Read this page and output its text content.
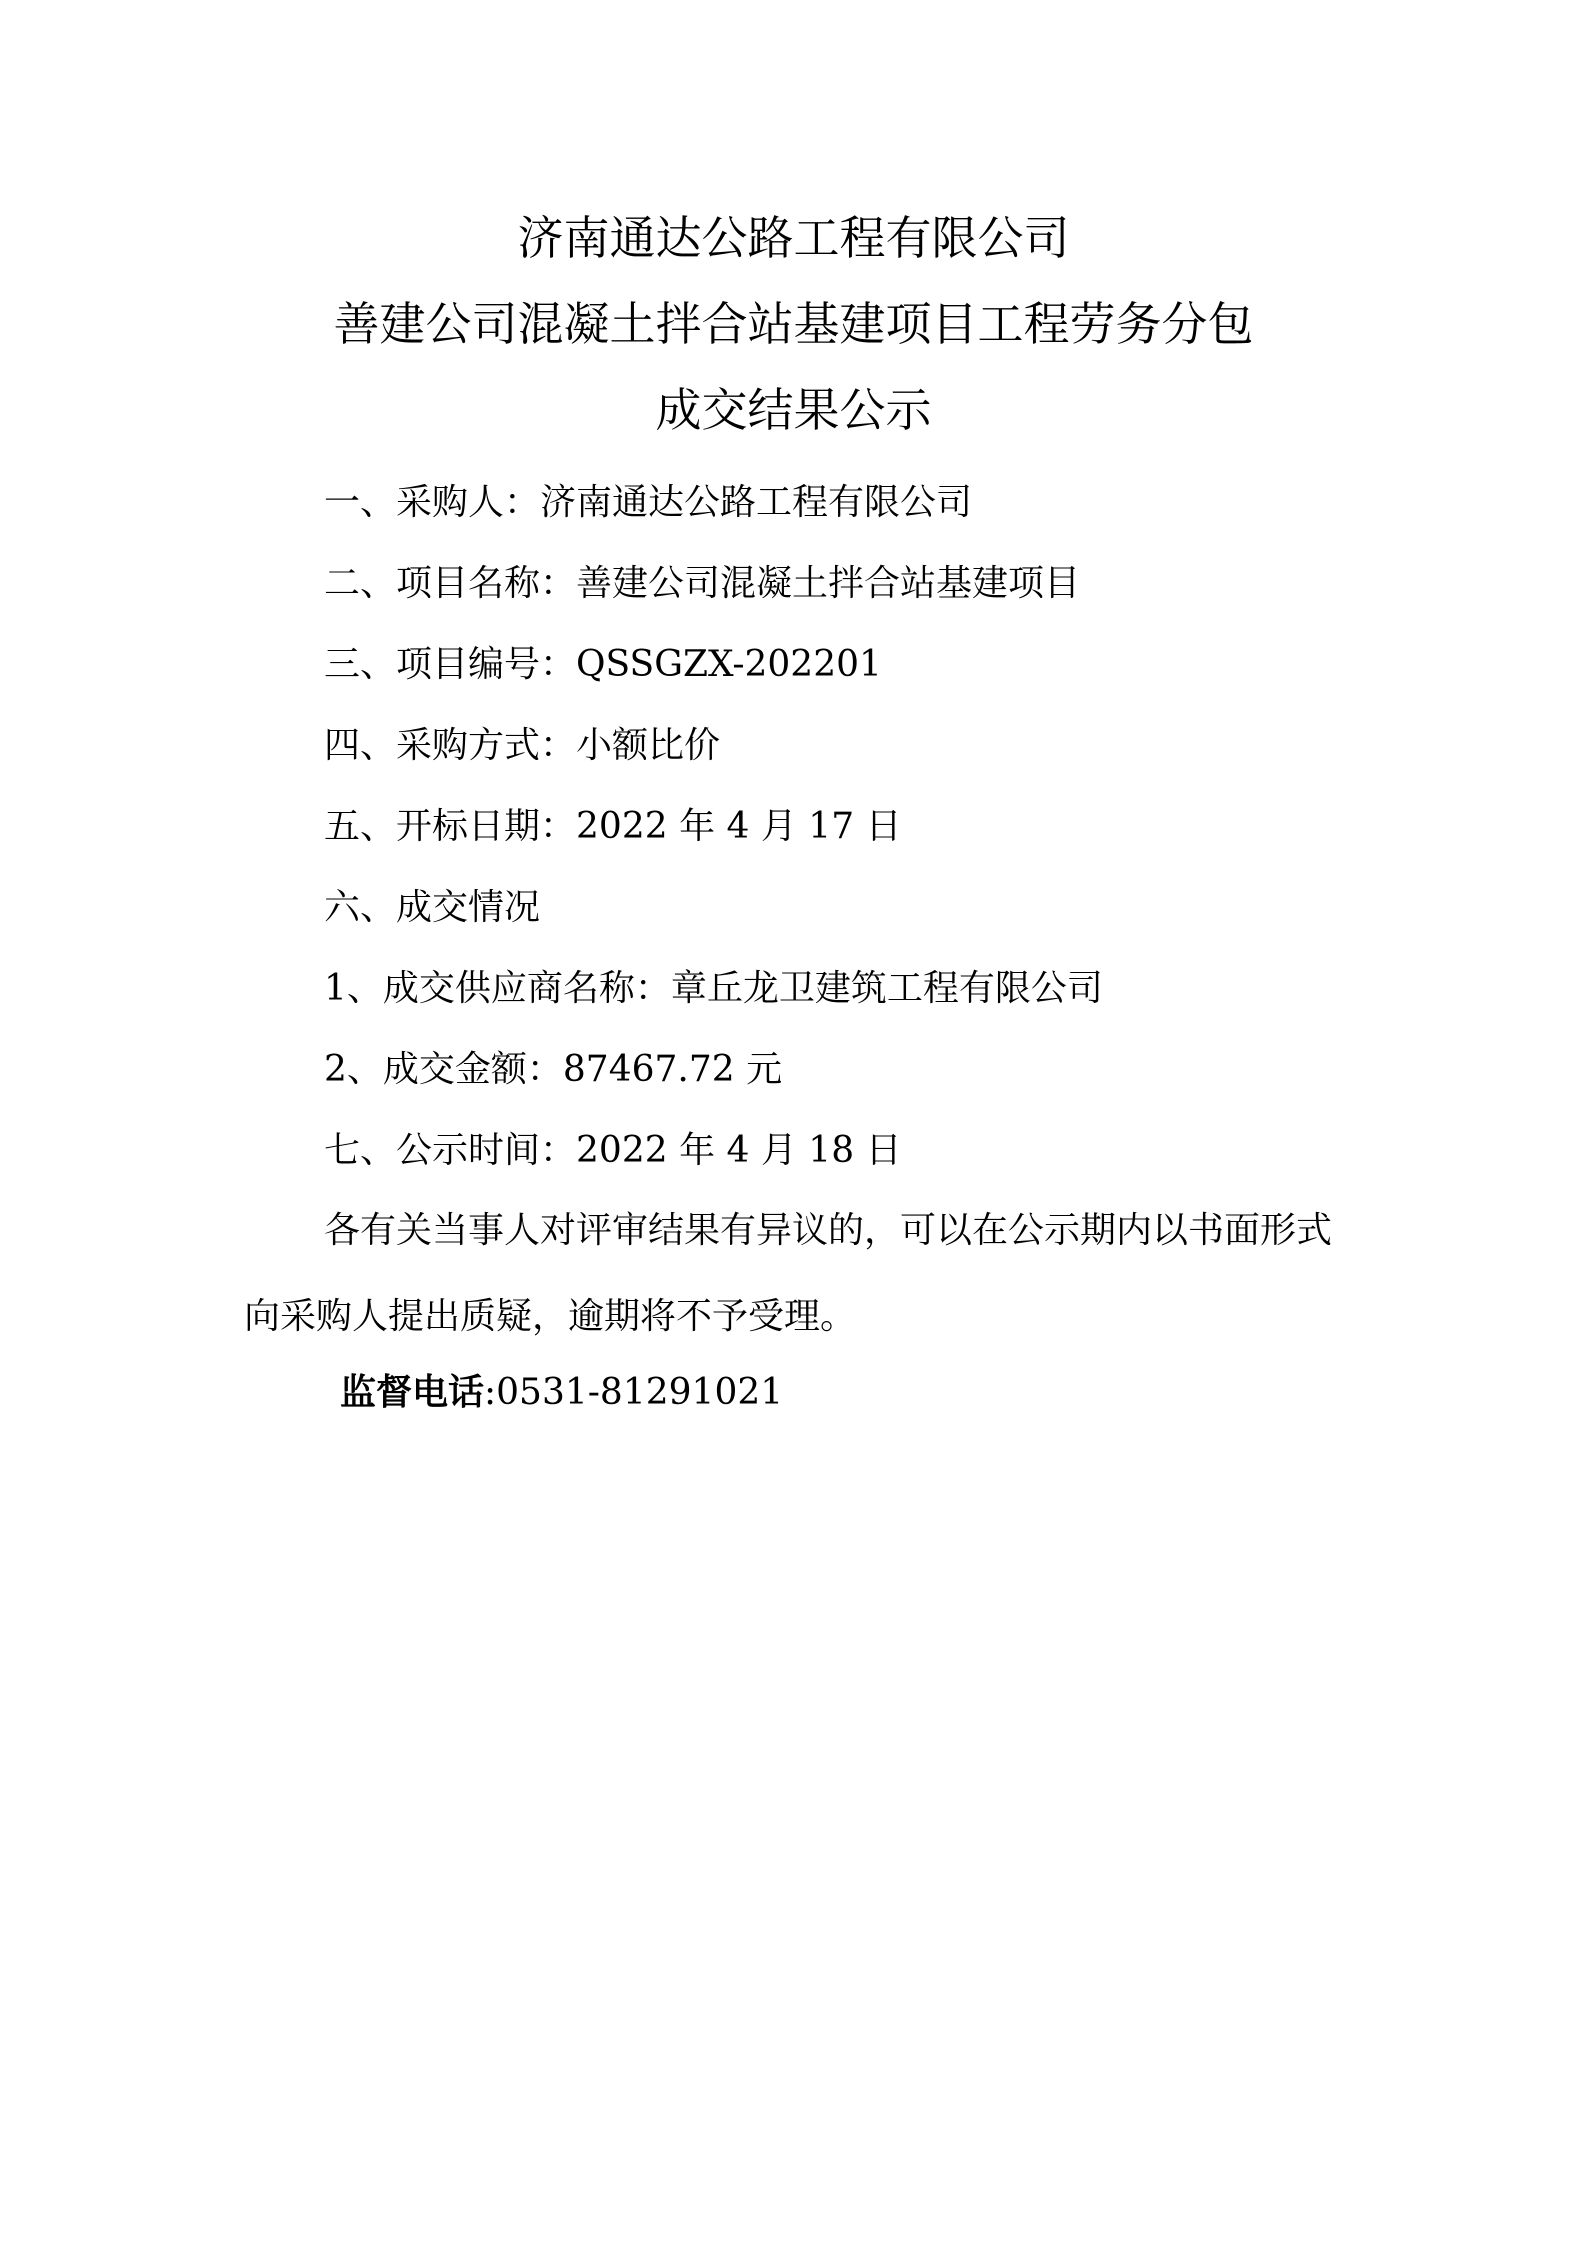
济南通达公路工程有限公司
善建公司混凝土拌合站基建项目工程劳务分包
成交结果公示
一、采购人：济南通达公路工程有限公司
二、项目名称：善建公司混凝土拌合站基建项目
三、项目编号：QSSGZX-202201
四、采购方式：小额比价
五、开标日期：2022 年 4 月 17 日
六、成交情况
1、成交供应商名称：章丘龙卫建筑工程有限公司
2、成交金额：87467.72 元
七、公示时间：2022 年 4 月 18 日
各有关当事人对评审结果有异议的，可以在公示期内以书面形式向采购人提出质疑，逾期将不予受理。
监督电话:0531-81291021
